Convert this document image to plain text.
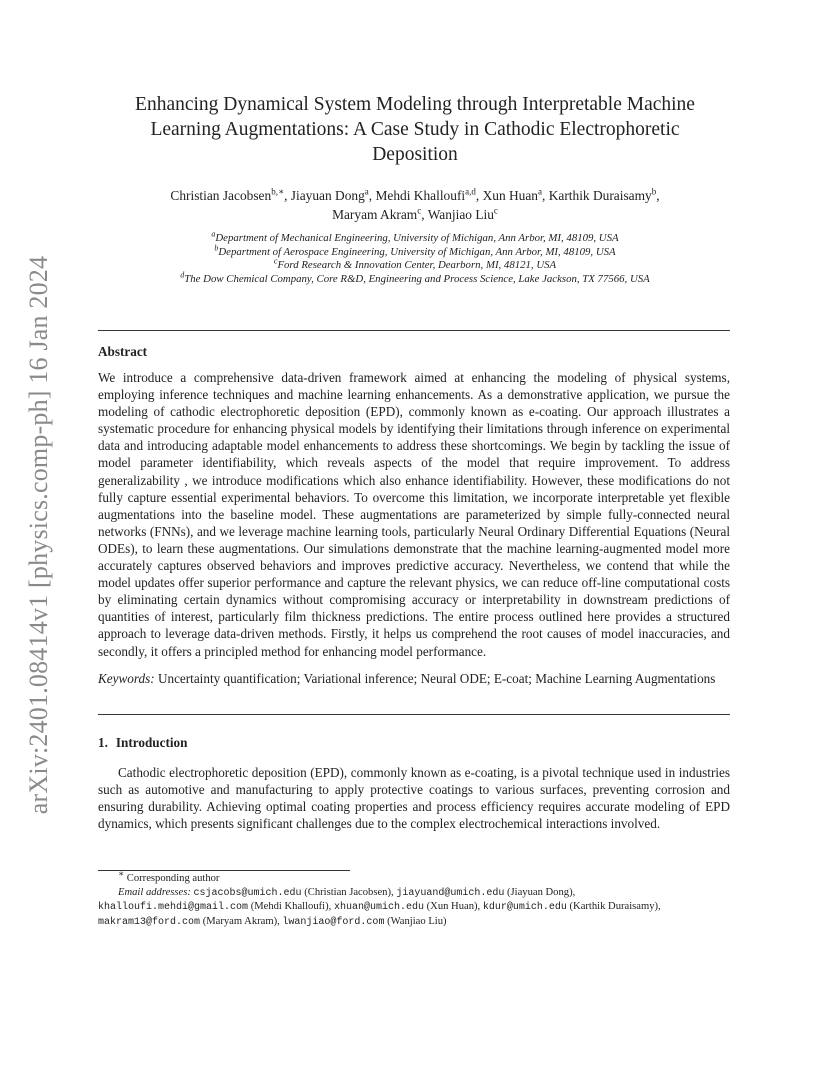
arXiv:2401.08414v1 [physics.comp-ph] 16 Jan 2024
Enhancing Dynamical System Modeling through Interpretable Machine
Learning Augmentations: A Case Study in Cathodic Electrophoretic
Deposition
Christian Jacobsen$^{b,∗}$, Jiayuan Dong$^a$, Mehdi Khalloufi$^{a,d}$, Xun Huan$^a$, Karthik Duraisamy$^b$,
Maryam Akram$^c$, Wanjiao Liu$^c$
$^a$Department of Mechanical Engineering, University of Michigan, Ann Arbor, MI, 48109, USA
$^b$Department of Aerospace Engineering, University of Michigan, Ann Arbor, MI, 48109, USA
$^c$Ford Research & Innovation Center, Dearborn, MI, 48121, USA
$^d$The Dow Chemical Company, Core R&D, Engineering and Process Science, Lake Jackson, TX 77566, USA
Abstract
We introduce a comprehensive data-driven framework aimed at enhancing the modeling of physical systems, employing inference techniques and machine learning enhancements. As a demonstrative application, we pursue the modeling of cathodic electrophoretic deposition (EPD), commonly known as e-coating. Our approach illustrates a systematic procedure for enhancing physical models by identifying their limitations through inference on experimental data and introducing adaptable model enhancements to address these shortcomings. We begin by tackling the issue of model parameter identifiability, which reveals aspects of the model that require improvement. To address generalizability , we introduce modifications which also enhance identifiability. However, these modifications do not fully capture essential experimental behaviors. To overcome this limitation, we incorporate interpretable yet flexible augmentations into the baseline model. These augmentations are parameterized by simple fully-connected neural networks (FNNs), and we leverage machine learning tools, particularly Neural Ordinary Differential Equations (Neural ODEs), to learn these augmentations. Our simulations demonstrate that the machine learning-augmented model more accurately captures observed behaviors and improves predictive accuracy. Nevertheless, we contend that while the model updates offer superior performance and capture the relevant physics, we can reduce off-line computational costs by eliminating certain dynamics without compromising accuracy or interpretability in downstream predictions of quantities of interest, particularly film thickness predictions. The entire process outlined here provides a structured approach to leverage data-driven methods. Firstly, it helps us comprehend the root causes of model inaccuracies, and secondly, it offers a principled method for enhancing model performance.
Keywords: Uncertainty quantification; Variational inference; Neural ODE; E-coat; Machine Learning Augmentations
1. Introduction
Cathodic electrophoretic deposition (EPD), commonly known as e-coating, is a pivotal technique used in industries such as automotive and manufacturing to apply protective coatings to various surfaces, preventing corrosion and ensuring durability. Achieving optimal coating properties and process efficiency requires accurate modeling of EPD dynamics, which presents significant challenges due to the complex electrochemical interactions involved.
∗ Corresponding author
Email addresses: csjacobs@umich.edu (Christian Jacobsen), jiayuand@umich.edu (Jiayuan Dong),
khalloufi.mehdi@gmail.com (Mehdi Khalloufi), xhuan@umich.edu (Xun Huan), kdur@umich.edu (Karthik Duraisamy),
makram13@ford.com (Maryam Akram), lwanjiao@ford.com (Wanjiao Liu)
